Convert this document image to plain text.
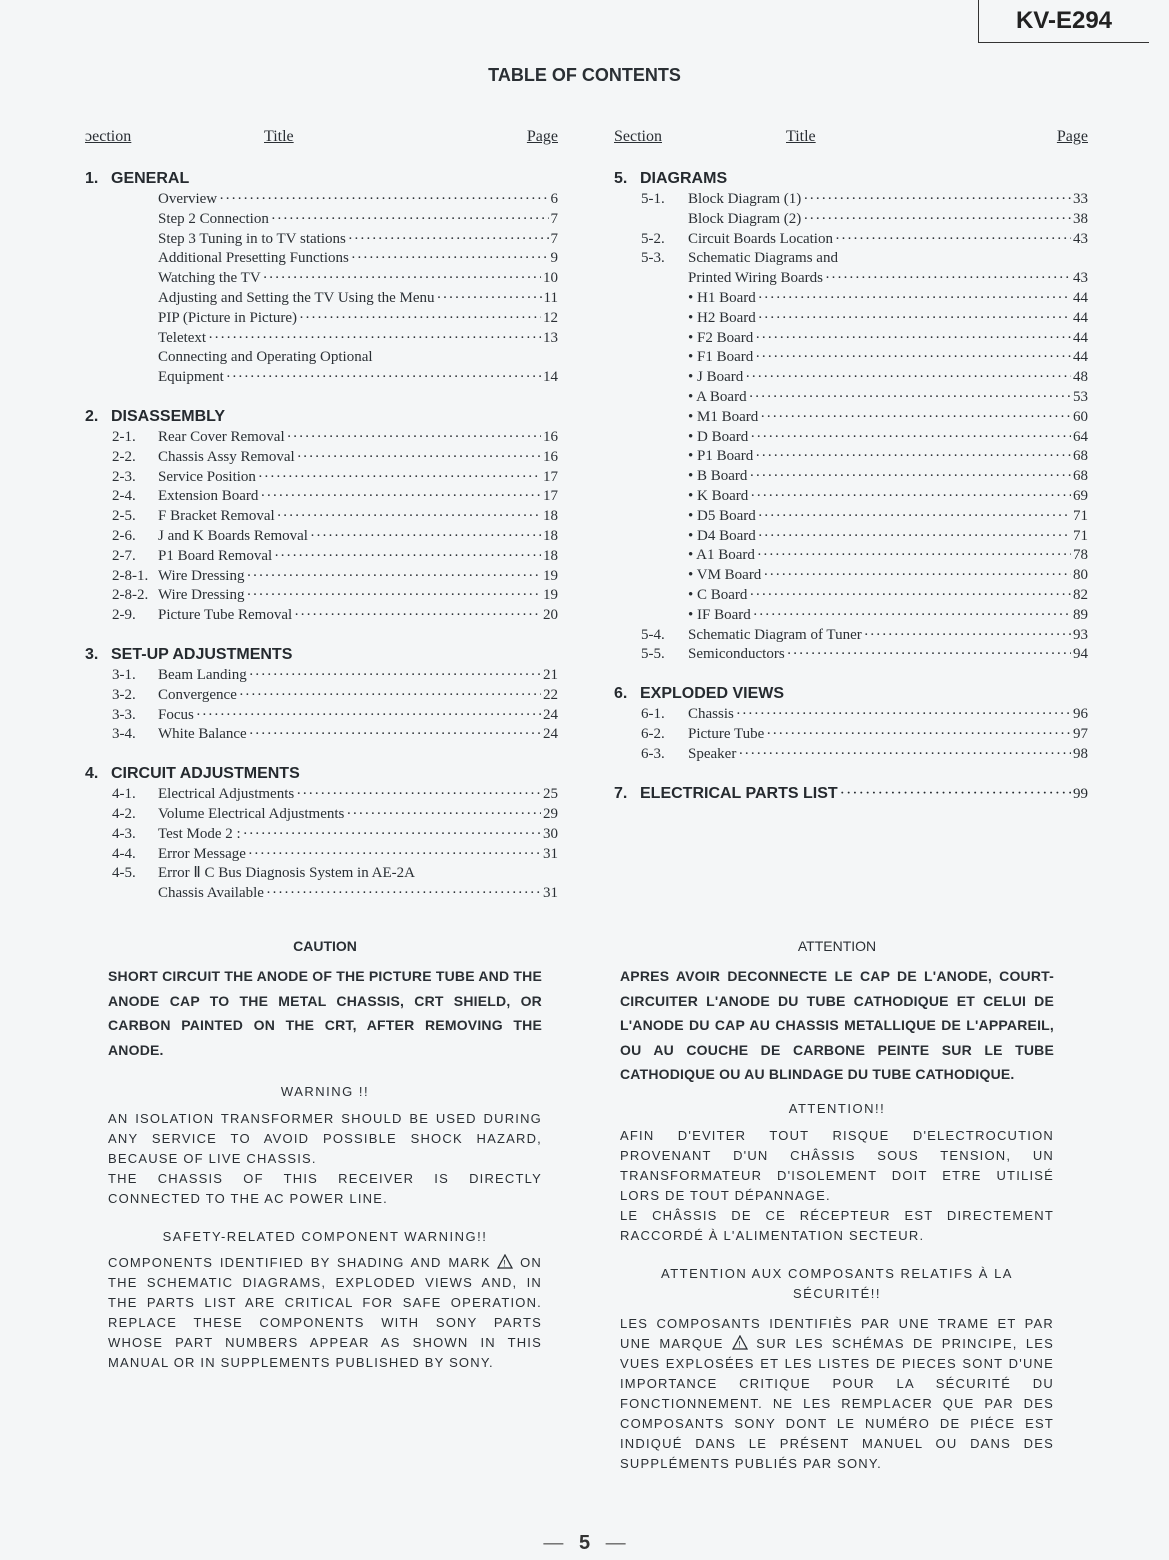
KV-E294
TABLE OF CONTENTS
ɔection	Title	Page
1. GENERAL
Overview ·····	6
Step 2 Connection ·····	7
Step 3 Tuning in to TV stations ·····	7
Additional Presetting Functions ·····	9
Watching the TV ·····	10
Adjusting and Setting the TV Using the Menu ·····	11
PIP (Picture in Picture) ·····	12
Teletext ·····	13
Connecting and Operating Optional
Equipment ·····	14
2. DISASSEMBLY
2-1.	Rear Cover Removal ·····	16
2-2.	Chassis Assy Removal ·····	16
2-3.	Service Position ·····	17
2-4.	Extension Board ·····	17
2-5.	F Bracket Removal ·····	18
2-6.	J and K Boards Removal ·····	18
2-7.	P1 Board Removal ·····	18
2-8-1. Wire Dressing ·····	19
2-8-2. Wire Dressing ·····	19
2-9.	Picture Tube Removal ·····	20
3. SET-UP ADJUSTMENTS
3-1.	Beam Landing ·····	21
3-2.	Convergence ·····	22
3-3.	Focus ·····	24
3-4.	White Balance ·····	24
4. CIRCUIT ADJUSTMENTS
4-1.	Electrical Adjustments ·····	25
4-2.	Volume Electrical Adjustments ·····	29
4-3.	Test Mode 2 : ·····	30
4-4.	Error Message ·····	31
4-5.	Error Ⅱ C Bus Diagnosis System in AE-2A
Chassis Available ·····	31
Section	Title	Page
5. DIAGRAMS
5-1.	Block Diagram (1) ·····	33
Block Diagram (2) ·····	38
5-2.	Circuit Boards Location ·····	43
5-3.	Schematic Diagrams and
Printed Wiring Boards ·····	43
• H1 Board ·····	44
• H2 Board ·····	44
• F2 Board ·····	44
• F1 Board ·····	44
• J Board ·····	48
• A Board ·····	53
• M1 Board ·····	60
• D Board ·····	64
• P1 Board ·····	68
• B Board ·····	68
• K Board ·····	69
• D5 Board ·····	71
• D4 Board ·····	71
• A1 Board ·····	78
• VM Board ·····	80
• C Board ·····	82
• IF Board ·····	89
5-4.	Schematic Diagram of Tuner ·····	93
5-5.	Semiconductors ·····	94
6. EXPLODED VIEWS
6-1.	Chassis ·····	96
6-2.	Picture Tube ·····	97
6-3.	Speaker ·····	98
7. ELECTRICAL PARTS LIST ·····	99
CAUTION

SHORT CIRCUIT THE ANODE OF THE PICTURE TUBE AND THE ANODE CAP TO THE METAL CHASSIS, CRT SHIELD, OR CARBON PAINTED ON THE CRT, AFTER REMOVING THE ANODE.

WARNING !!

AN ISOLATION TRANSFORMER SHOULD BE USED DURING ANY SERVICE TO AVOID POSSIBLE SHOCK HAZARD, BECAUSE OF LIVE CHASSIS.

THE CHASSIS OF THIS RECEIVER IS DIRECTLY CONNECTED TO THE AC POWER LINE.

SAFETY-RELATED COMPONENT WARNING!!

COMPONENTS IDENTIFIED BY SHADING AND MARK ! ON THE SCHEMATIC DIAGRAMS, EXPLODED VIEWS AND, IN THE PARTS LIST ARE CRITICAL FOR SAFE OPERATION. REPLACE THESE COMPONENTS WITH SONY PARTS WHOSE PART NUMBERS APPEAR AS SHOWN IN THIS MANUAL OR IN SUPPLEMENTS PUBLISHED BY SONY.

ATTENTION

APRES AVOIR DECONNECTE LE CAP DE L'ANODE, COURT-CIRCUITER L'ANODE DU TUBE CATHODIQUE ET CELUI DE L'ANODE DU CAP AU CHASSIS METALLIQUE DE L'APPAREIL, OU AU COUCHE DE CARBONE PEINTE SUR LE TUBE CATHODIQUE OU AU BLINDAGE DU TUBE CATHODIQUE.

ATTENTION!!

AFIN D'EVITER TOUT RISQUE D'ELECTROCUTION PROVENANT D'UN CHÂSSIS SOUS TENSION, UN TRANSFORMATEUR D'ISOLEMENT DOIT ETRE UTILISÉ LORS DE TOUT DÉPANNAGE.

LE CHÂSSIS DE CE RÉCEPTEUR EST DIRECTEMENT RACCORDÉ À L'ALIMENTATION SECTEUR.

ATTENTION AUX COMPOSANTS RELATIFS À LA SÉCURITÉ!!

LES COMPOSANTS IDENTIFIÈS PAR UNE TRAME ET PAR UNE MARQUE ! SUR LES SCHÉMAS DE PRINCIPE, LES VUES EXPLOSÉES ET LES LISTES DE PIECES SONT D'UNE IMPORTANCE CRITIQUE POUR LA SÉCURITÉ DU FONCTIONNEMENT. NE LES REMPLACER QUE PAR DES COMPOSANTS SONY DONT LE NUMÉRO DE PIÉCE EST INDIQUÉ DANS LE PRÉSENT MANUEL OU DANS DES SUPPLÉMENTS PUBLIÉS PAR SONY.

— 5 —
